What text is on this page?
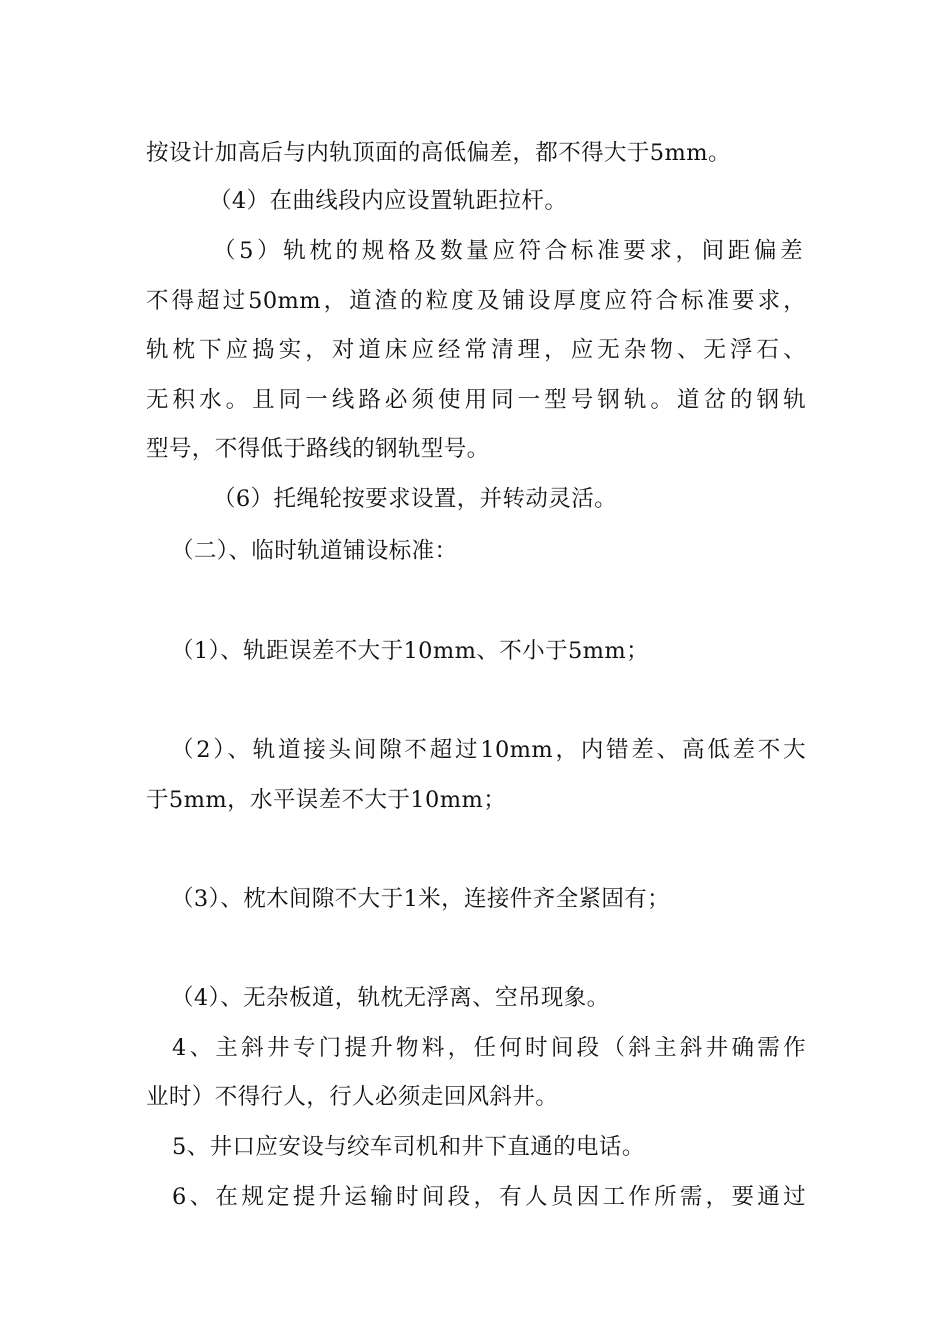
按设计加高后与内轨顶面的高低偏差，都不得大于5mm。
（4）在曲线段内应设置轨距拉杆。
（5）轨枕的规格及数量应符合标准要求，间距偏差
不得超过50mm，道渣的粒度及铺设厚度应符合标准要求，
轨枕下应捣实，对道床应经常清理，应无杂物、无浮石、
无积水。且同一线路必须使用同一型号钢轨。道岔的钢轨
型号，不得低于路线的钢轨型号。
（6）托绳轮按要求设置，并转动灵活。
（二）、临时轨道铺设标准：
（1）、轨距误差不大于10mm、不小于5mm；
（2）、轨道接头间隙不超过10mm，内错差、高低差不大
于5mm，水平误差不大于10mm；
（3）、枕木间隙不大于1米，连接件齐全紧固有；
（4）、无杂板道，轨枕无浮离、空吊现象。
4、主斜井专门提升物料，任何时间段（斜主斜井确需作
业时）不得行人，行人必须走回风斜井。
5、井口应安设与绞车司机和井下直通的电话。
6、在规定提升运输时间段，有人员因工作所需，要通过
